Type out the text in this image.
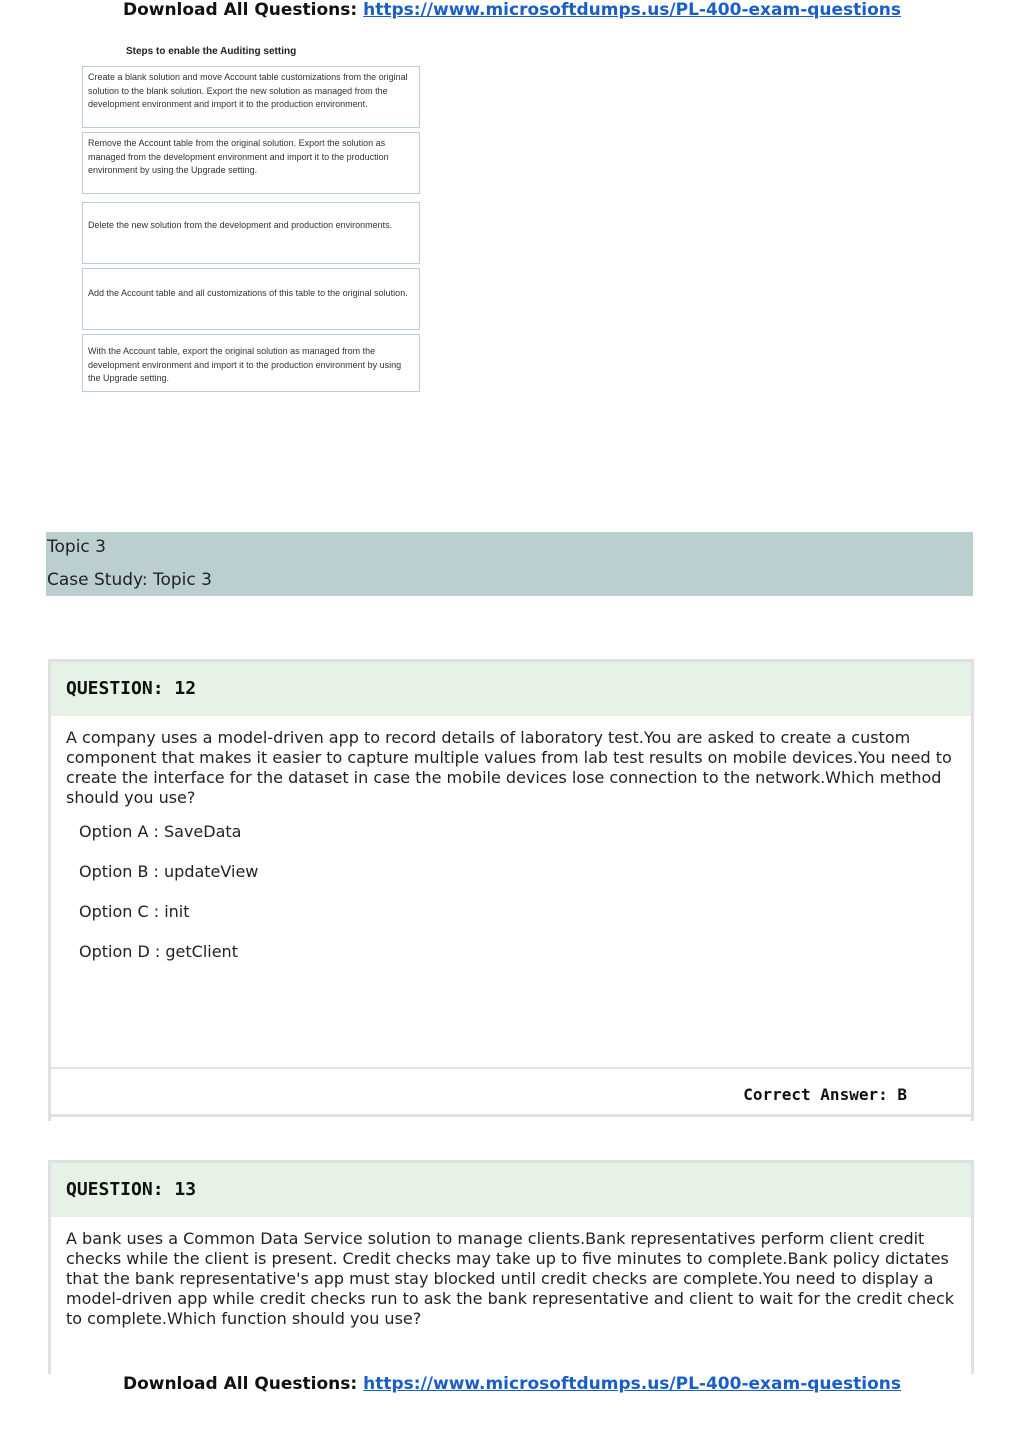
Download All Questions: https://www.microsoftdumps.us/PL-400-exam-questions
Steps to enable the Auditing setting
Create a blank solution and move Account table customizations from the original solution to the blank solution. Export the new solution as managed from the development environment and import it to the production environment.
Remove the Account table from the original solution. Export the solution as managed from the development environment and import it to the production environment by using the Upgrade setting.
Delete the new solution from the development and production environments.
Add the Account table and all customizations of this table to the original solution.
With the Account table, export the original solution as managed from the development environment and import it to the production environment by using the Upgrade setting.
Topic 3
Case Study: Topic 3
QUESTION: 12
A company uses a model-driven app to record details of laboratory test.You are asked to create a custom component that makes it easier to capture multiple values from lab test results on mobile devices.You need to create the interface for the dataset in case the mobile devices lose connection to the network.Which method should you use?
Option A : SaveData
Option B : updateView
Option C : init
Option D : getClient
Correct Answer: B
QUESTION: 13
A bank uses a Common Data Service solution to manage clients.Bank representatives perform client credit checks while the client is present. Credit checks may take up to five minutes to complete.Bank policy dictates that the bank representative's app must stay blocked until credit checks are complete.You need to display a model-driven app while credit checks run to ask the bank representative and client to wait for the credit check to complete.Which function should you use?
Download All Questions: https://www.microsoftdumps.us/PL-400-exam-questions
